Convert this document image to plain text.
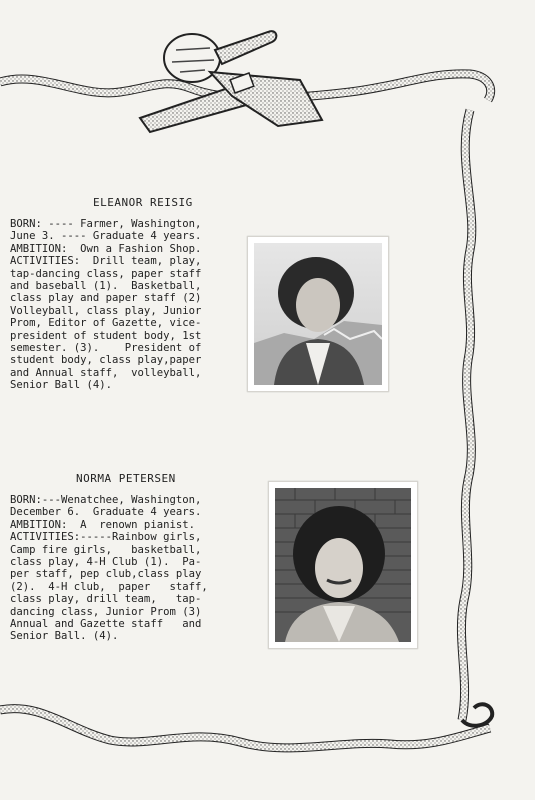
ELEANOR REISIG
BORN: ---- Farmer, Washington,
June 3. ---- Graduate 4 years.
AMBITION:  Own a Fashion Shop.
ACTIVITIES:  Drill team, play,
tap-dancing class, paper staff
and baseball (1).  Basketball,
class play and paper staff (2)
Volleyball, class play, Junior
Prom, Editor of Gazette, vice-
president of student body, 1st
semester. (3).    President of
student body, class play,paper
and Annual staff,  volleyball,
Senior Ball (4).
NORMA PETERSEN
BORN:---Wenatchee, Washington,
December 6.  Graduate 4 years.
AMBITION:  A  renown pianist.
ACTIVITIES:-----Rainbow girls,
Camp fire girls,   basketball,
class play, 4-H Club (1).  Pa-
per staff, pep club,class play
(2).  4-H club,  paper   staff,
class play, drill team,   tap-
dancing class, Junior Prom (3)
Annual and Gazette staff   and
Senior Ball. (4).
